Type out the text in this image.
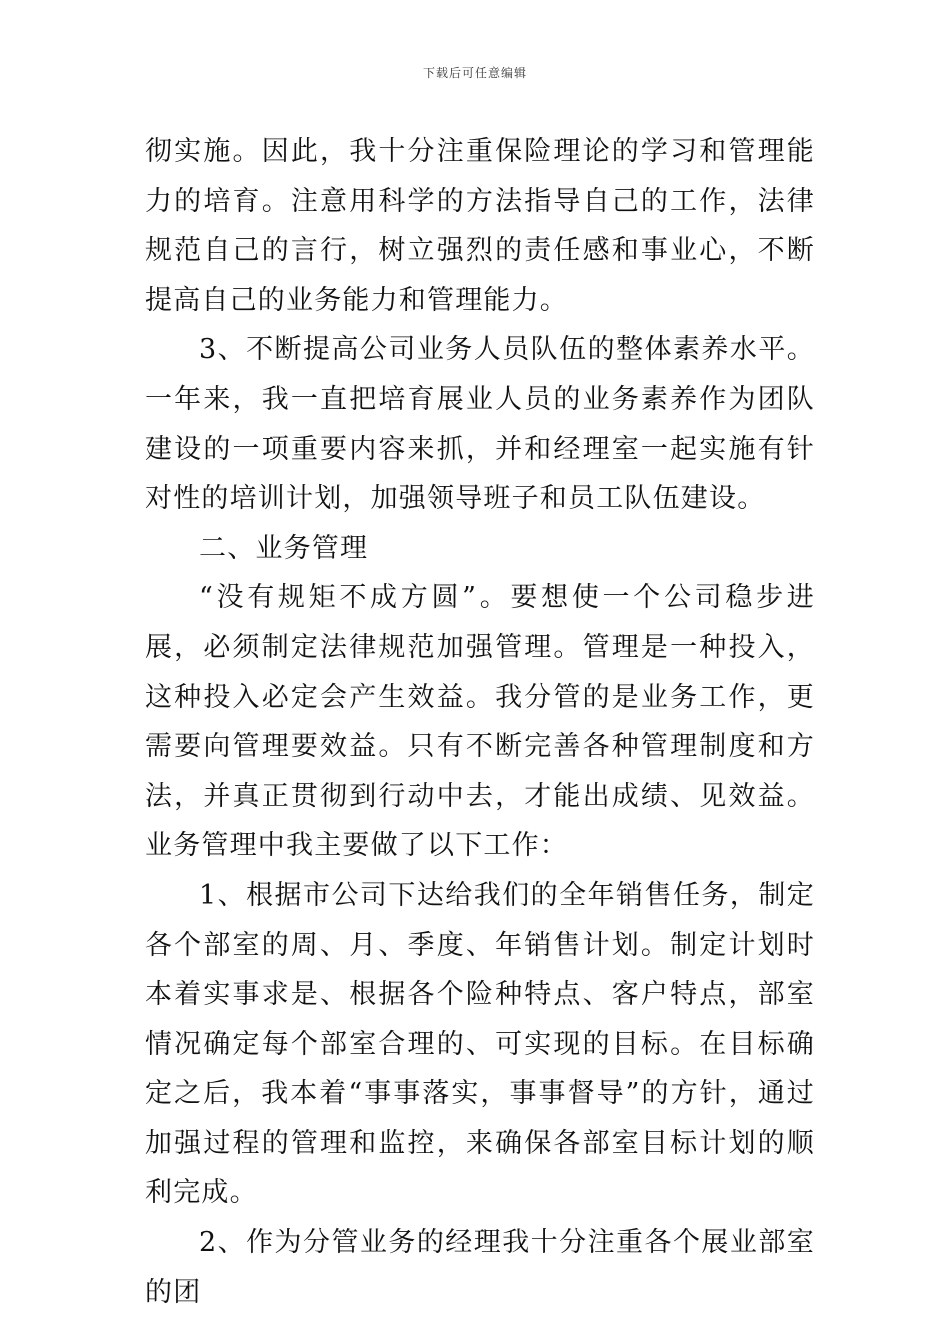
下载后可任意编辑

彻实施。因此，我十分注重保险理论的学习和管理能力的培育。注意用科学的方法指导自己的工作，法律规范自己的言行，树立强烈的责任感和事业心，不断提高自己的业务能力和管理能力。

3、不断提高公司业务人员队伍的整体素养水平。一年来，我一直把培育展业人员的业务素养作为团队建设的一项重要内容来抓，并和经理室一起实施有针对性的培训计划，加强领导班子和员工队伍建设。

二、业务管理

“没有规矩不成方圆”。要想使一个公司稳步进展，必须制定法律规范加强管理。管理是一种投入，这种投入必定会产生效益。我分管的是业务工作，更需要向管理要效益。只有不断完善各种管理制度和方法，并真正贯彻到行动中去，才能出成绩、见效益。业务管理中我主要做了以下工作：

1、根据市公司下达给我们的全年销售任务，制定各个部室的周、月、季度、年销售计划。制定计划时本着实事求是、根据各个险种特点、客户特点，部室情况确定每个部室合理的、可实现的目标。在目标确定之后，我本着“事事落实，事事督导”的方针，通过加强过程的管理和监控，来确保各部室目标计划的顺利完成。

2、作为分管业务的经理我十分注重各个展业部室的团
